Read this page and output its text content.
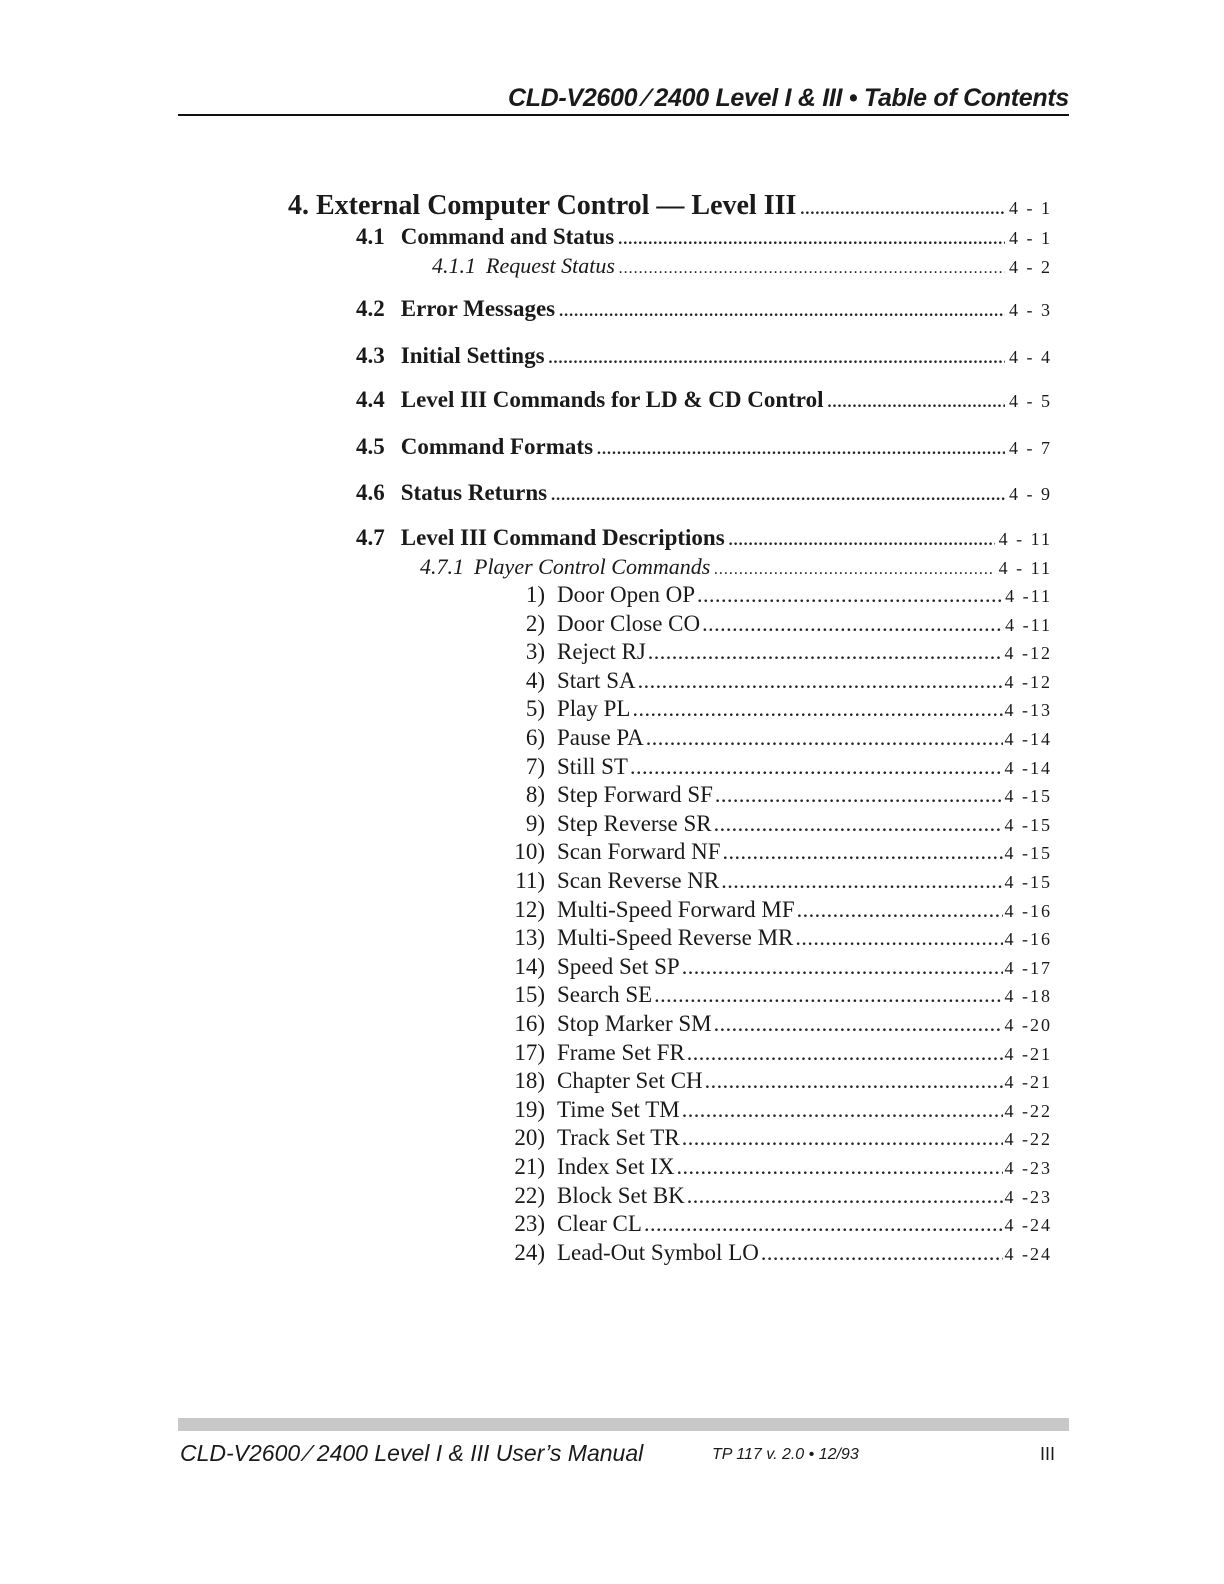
CLD-V2600 ⁄ 2400 Level I & III • Table of Contents
4. External Computer Control — Level III .....	4 - 1
4.1 Command and Status .....	4 - 1
4.1.1 Request Status .....	4 - 2
4.2 Error Messages .....	4 - 3
4.3 Initial Settings .....	4 - 4
4.4 Level III Commands for LD & CD Control .....	4 - 5
4.5 Command Formats .....	4 - 7
4.6 Status Returns .....	4 - 9
4.7 Level III Command Descriptions .....	4 - 11
4.7.1 Player Control Commands .....	4 - 11
1) Door Open OP .....	4 -11
2) Door Close CO .....	4 -11
3) Reject RJ .....	4 -12
4) Start SA .....	4 -12
5) Play PL .....	4 -13
6) Pause PA .....	4 -14
7) Still ST .....	4 -14
8) Step Forward SF .....	4 -15
9) Step Reverse SR .....	4 -15
10) Scan Forward NF .....	4 -15
11) Scan Reverse NR .....	4 -15
12) Multi-Speed Forward MF .....	4 -16
13) Multi-Speed Reverse MR .....	4 -16
14) Speed Set SP .....	4 -17
15) Search SE .....	4 -18
16) Stop Marker SM .....	4 -20
17) Frame Set FR .....	4 -21
18) Chapter Set CH .....	4 -21
19) Time Set TM .....	4 -22
20) Track Set TR .....	4 -22
21) Index Set IX .....	4 -23
22) Block Set BK .....	4 -23
23) Clear CL .....	4 -24
24) Lead-Out Symbol LO .....	4 -24
CLD-V2600 ⁄ 2400 Level I & III User’s Manual	TP 117 v. 2.0 • 12/93	III
